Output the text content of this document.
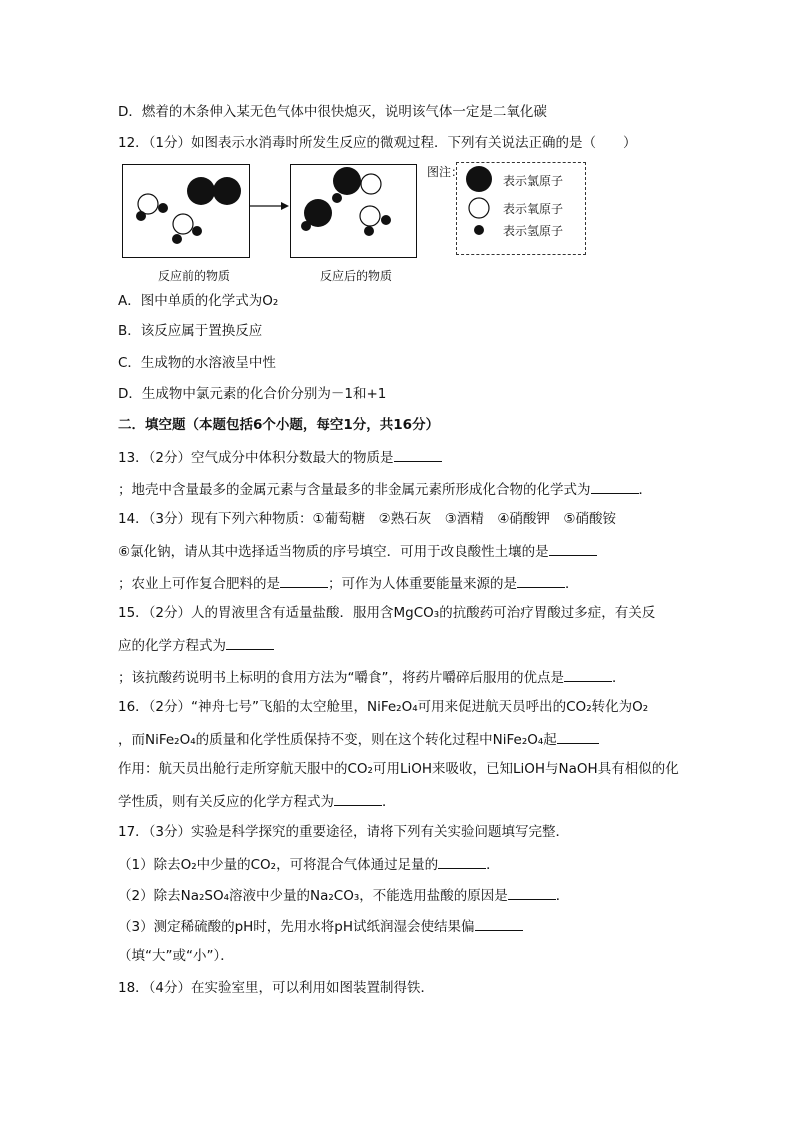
D．燃着的木条伸入某无色气体中很快熄灭，说明该气体一定是二氧化碳
12．（1分）如图表示水消毒时所发生反应的微观过程．下列有关说法正确的是（　　）
图注：
表示氯原子
表示氧原子
表示氢原子
反应前的物质	反应后的物质
A．图中单质的化学式为O₂
B．该反应属于置换反应
C．生成物的水溶液呈中性
D．生成物中氯元素的化合价分别为－1和+1
二．填空题（本题包括6个小题，每空1分，共16分）
13．（2分）空气成分中体积分数最大的物质是
；地壳中含量最多的金属元素与含量最多的非金属元素所形成化合物的化学式为	．
14．（3分）现有下列六种物质：①葡萄糖　②熟石灰　③酒精　④硝酸钾　⑤硝酸铵
⑥氯化钠，请从其中选择适当物质的序号填空．可用于改良酸性土壤的是
；农业上可作复合肥料的是	；可作为人体重要能量来源的是	．
15．（2分）人的胃液里含有适量盐酸．服用含MgCO₃的抗酸药可治疗胃酸过多症，有关反
应的化学方程式为
；该抗酸药说明书上标明的食用方法为“嚼食”，将药片嚼碎后服用的优点是	．
16．（2分）“神舟七号”飞船的太空舱里，NiFe₂O₄可用来促进航天员呼出的CO₂转化为O₂
，而NiFe₂O₄的质量和化学性质保持不变，则在这个转化过程中NiFe₂O₄起
作用：航天员出舱行走所穿航天服中的CO₂可用LiOH来吸收，已知LiOH与NaOH具有相似的化
学性质，则有关反应的化学方程式为	．
17．（3分）实验是科学探究的重要途径，请将下列有关实验问题填写完整．
（1）除去O₂中少量的CO₂，可将混合气体通过足量的	．
（2）除去Na₂SO₄溶液中少量的Na₂CO₃，不能选用盐酸的原因是	．
（3）测定稀硫酸的pH时，先用水将pH试纸润湿会使结果偏
（填“大”或“小”）．
18．（4分）在实验室里，可以利用如图装置制得铁．
